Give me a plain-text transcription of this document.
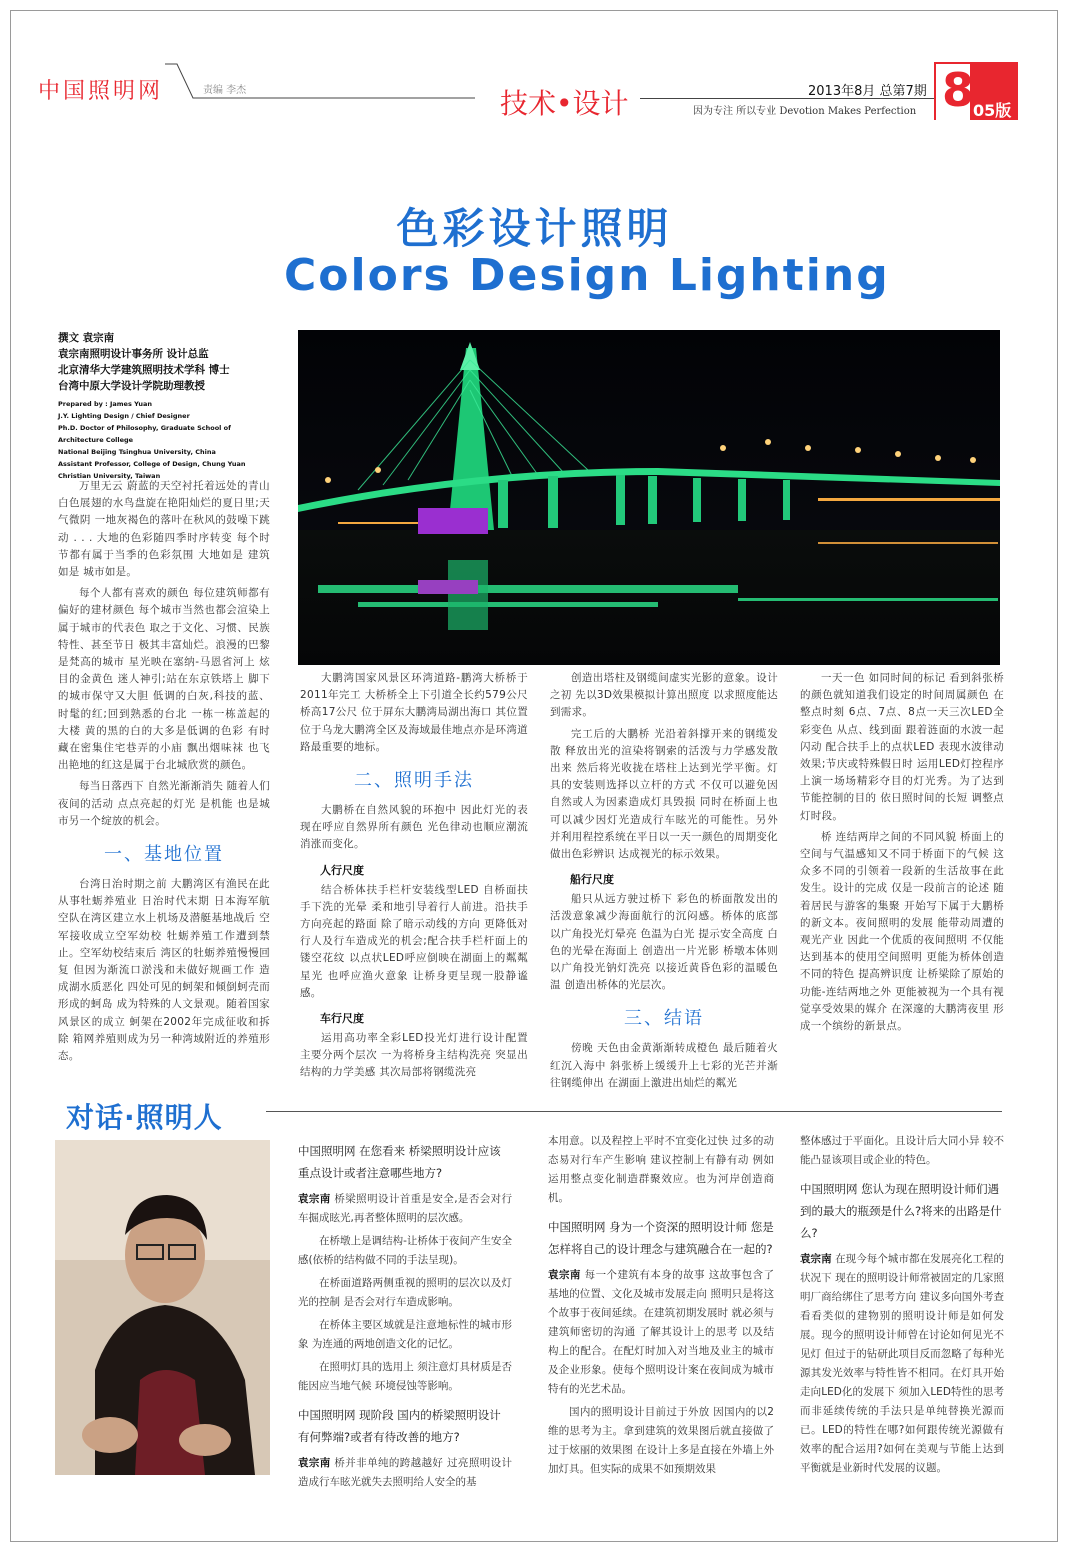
中国照明网	责编 李杰	技术•设计	2013年8月 总第7期
因为专注 所以专业 Devotion Makes Perfection 8
05版
色彩设计照明
Colors Design Lighting
撰文 袁宗南
袁宗南照明设计事务所 设计总监
北京清华大学建筑照明技术学科 博士
台湾中原大学设计学院助理教授
Prepared by : James Yuan
J.Y. Lighting Design / Chief Designer
Ph.D. Doctor of Philosophy, Graduate School of Architecture College
National Beijing Tsinghua University, China
Assistant Professor, College of Design, Chung Yuan Christian University, Taiwan

万里无云 蔚蓝的天空衬托着远处的青山 白色展翅的水鸟盘旋在艳阳灿烂的夏日里;天气微阴 一地灰褐色的落叶在秋风的鼓噪下跳动 . . . 大地的色彩随四季时序转变 每个时节都有属于当季的色彩氛围 大地如是 建筑如是 城市如是。

每个人都有喜欢的颜色 每位建筑师都有偏好的建材颜色 每个城市当然也都会渲染上属于城市的代表色 取之于文化、习惯、民族特性、甚至节日 极其丰富灿烂。浪漫的巴黎是梵高的城市 星光映在塞纳-马恩省河上 炫目的金黄色 迷人神引;站在东京铁塔上 脚下的城市保守又大胆 低调的白灰,科技的蓝、时髦的红;回到熟悉的台北 一栋一栋盖起的大楼 黄的黑的白的大多是低调的色彩 有时 藏在密集住宅巷弄的小庙 飘出烟味袜 也飞出艳地的红这是属于台北城欣赏的颜色。

每当日落西下 自然光渐渐消失 随着人们夜间的活动 点点亮起的灯光 是机能 也是城市另一个绽放的机会。

一、基地位置

台湾日治时期之前 大鹏湾区有渔民在此从事牡蛎养殖业 日治时代末期 日本海军航空队在湾区建立水上机场及潜艇基地战后 空军接收成立空军幼校 牡蛎养殖工作遭到禁止。空军幼校结束后 湾区的牡蛎养殖慢慢回复 但因为渐流口淤浅和未做好规画工作 造成湖水质恶化 四处可见的蚵架和倾倒蚵壳而形成的蚵岛 成为特殊的人文景观。随着国家风景区的成立 蚵架在2002年完成征收和拆除 箱网养殖则成为另一种湾域附近的养殖形态。

大鹏湾国家风景区环湾道路-鹏湾大桥桥于2011年完工 大桥桥全上下引道全长约579公尺 桥高17公尺 位于屏东大鹏湾局湖出海口 其位置位于乌龙大鹏湾全区及海域最佳地点亦是环湾道路最重要的地标。

二、照明手法

大鹏桥在自然风貌的环抱中 因此灯光的表现在呼应自然界所有颜色 光色律动也顺应潮流消涨而变化。

人行尺度

结合桥体扶手栏杆安装线型LED 自桥面扶手下洗的光晕 柔和地引导着行人前进。沿扶手方向亮起的路面 除了暗示动线的方向 更降低对行人及行车造成光的机会;配合扶手栏杆面上的镂空花纹 以点状LED呼应倒映在湖面上的粼粼星光 也呼应渔火意象 让桥身更呈现一股静谧感。

车行尺度

运用高功率全彩LED投光灯进行设计配置 主要分两个层次 一为将桥身主结构洗亮 突显出结构的力学美感 其次局部将钢缆洗亮

创造出塔柱及钢缆间虚实光影的意象。设计之初 先以3D效果模拟计算出照度 以求照度能达到需求。

完工后的大鹏桥 光沿着斜撑开来的钢缆发散 释放出光的渲染将钢索的活泼与力学感发散出来 然后将光收拢在塔柱上达到光学平衡。灯具的安装则选择以立杆的方式 不仅可以避免因自然或人为因素造成灯具毁损 同时在桥面上也可以减少因灯光造成行车眩光的可能性。另外 并利用程控系统在平日以一天一颜色的周期变化做出色彩辨识 达成视光的标示效果。

船行尺度

船只从远方驶过桥下 彩色的桥面散发出的活泼意象减少海面航行的沉闷感。桥体的底部 以广角投光灯晕亮 色温为白光 提示安全高度 白色的光晕在海面上 创造出一片光影 桥墩本体则以广角投光钠灯洗亮 以接近黄昏色彩的温暖色温 创造出桥体的光层次。

三、结语

傍晚 天色由金黄渐渐转成橙色 最后随着火红沉入海中 斜张桥上缓缓升上七彩的光芒并渐往钢缆伸出 在湖面上激进出灿烂的粼光

一天一色 如同时间的标记 看到斜张桥的颜色就知道我们设定的时间周属颜色 在整点时刻 6点、7点、8点一天三次LED全彩变色 从点、线到面 跟着涟面的水波一起闪动 配合扶手上的点状LED 表现水波律动效果;节庆或特殊假日时 运用LED灯控程序 上演一场场精彩夺目的灯光秀。为了达到节能控制的目的 依日照时间的长短 调整点灯时段。

桥 连结两岸之间的不同风貌 桥面上的空间与气温感知又不同于桥面下的气候 这众多不同的引领着一段新的生活故事在此发生。设计的完成 仅是一段前言的论述 随着居民与游客的集聚 开始写下属于大鹏桥的新文本。夜间照明的发展 能带动周遭的观光产业 因此一个优质的夜间照明 不仅能达到基本的使用空间照明 更能为桥体创造不同的特色 提高辨识度 让桥梁除了原始的功能-连结两地之外 更能被视为一个具有视觉享受效果的媒介 在深邃的大鹏湾夜里 形成一个缤纷的新景点。

对话·照明人
中国照明网 在您看来 桥梁照明设计应该重点设计或者注意哪些地方?

袁宗南 桥梁照明设计首重是安全,是否会对行车掘成眩光,再者整体照明的层次感。

在桥墩上是调结构-让桥体于夜间产生安全感(依桥的结构做不同的手法呈现)。

在桥面道路两侧重视的照明的层次以及灯光的控制 是否会对行车造成影响。

在桥体主要区域就是注意地标性的城市形象 为连通的两地创造文化的记忆。

在照明灯具的选用上 须注意灯具材质是否能因应当地气候 环境侵蚀等影响。

中国照明网 现阶段 国内的桥梁照明设计 有何弊端?或者有待改善的地方?

袁宗南 桥并非单纯的跨越越好 过亮照明设计造成行车眩光就失去照明给人安全的基

本用意。以及程控上平时不宜变化过快 过多的动态易对行车产生影响 建议控制上有静有动 例如运用整点变化制造群聚效应。也为河岸创造商机。

中国照明网 身为一个资深的照明设计师 您是怎样将自己的设计理念与建筑融合在一起的?

袁宗南 每一个建筑有本身的故事 这故事包含了基地的位置、文化及城市发展走向 照明只是将这个故事于夜间延续。在建筑初期发展时 就必须与建筑师密切的沟通 了解其设计上的思考 以及结构上的配合。在配灯时加入对当地及业主的城市及企业形象。使每个照明设计案在夜间成为城市特有的光艺术品。

国内的照明设计目前过于外放 因国内的以2维的思考为主。拿到建筑的效果图后就直接做了过于炫丽的效果图 在设计上多是直接在外墙上外加灯具。但实际的成果不如预期效果

整体感过于平面化。且设计后大同小异 较不能凸显该项目或企业的特色。

中国照明网 您认为现在照明设计师们遇到的最大的瓶颈是什么?将来的出路是什么?

袁宗南 在现今每个城市都在发展亮化工程的状况下 现在的照明设计师常被固定的几家照明厂商给绑住了思考方向 建议多向国外考查 看看类似的建物别的照明设计师是如何发展。现今的照明设计师曾在讨论如何见光不见灯 但过于的钻研此项目反而忽略了每种光源其发光效率与特性皆不相同。在灯具开始走向LED化的发展下 须加入LED特性的思考 而非延续传统的手法只是单纯替换光源而已。LED的特性在哪?如何跟传统光源做有效率的配合运用?如何在美观与节能上达到平衡就是业新时代发展的议题。
